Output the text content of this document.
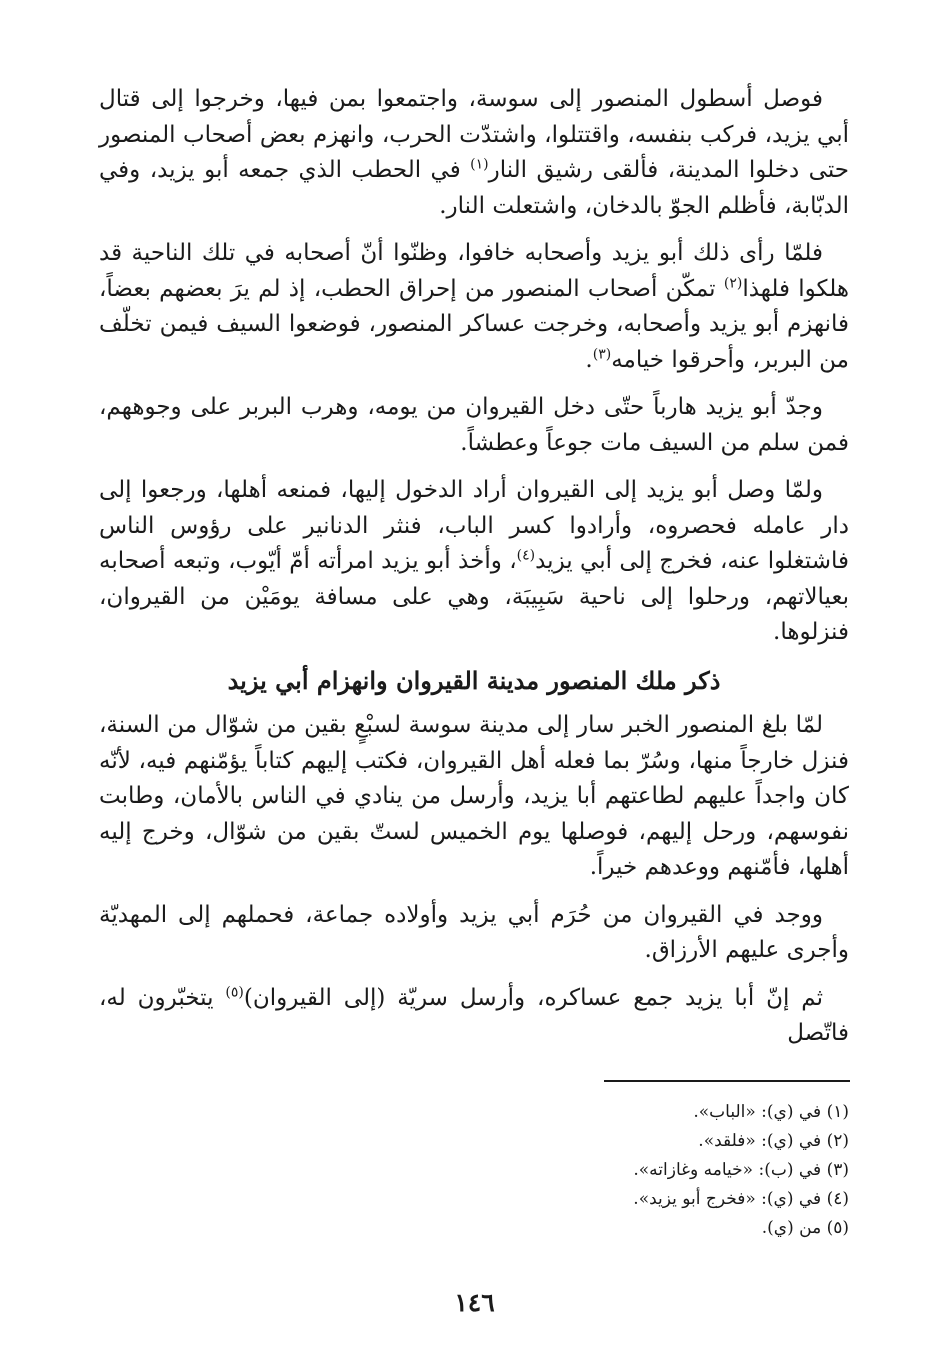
فوصل أسطول المنصور إلى سوسة، واجتمعوا بمن فيها، وخرجوا إلى قتال أبي يزيد، فركب بنفسه، واقتتلوا، واشتدّت الحرب، وانهزم بعض أصحاب المنصور حتى دخلوا المدينة، فألقى رشيق النار$^{(١)}$ في الحطب الذي جمعه أبو يزيد، وفي الدبّابة، فأظلم الجوّ بالدخان، واشتعلت النار.

فلمّا رأى ذلك أبو يزيد وأصحابه خافوا، وظنّوا أنّ أصحابه في تلك الناحية قد هلكوا فلهذا$^{(٢)}$ تمكّن أصحاب المنصور من إحراق الحطب، إذ لم يرَ بعضهم بعضاً، فانهزم أبو يزيد وأصحابه، وخرجت عساكر المنصور، فوضعوا السيف فيمن تخلّف من البربر، وأحرقوا خيامه$^{(٣)}$.

وجدّ أبو يزيد هارباً حتّى دخل القيروان من يومه، وهرب البربر على وجوههم، فمن سلم من السيف مات جوعاً وعطشاً.

ولمّا وصل أبو يزيد إلى القيروان أراد الدخول إليها، فمنعه أهلها، ورجعوا إلى دار عامله فحصروه، وأرادوا كسر الباب، فنثر الدنانير على رؤوس الناس فاشتغلوا عنه، فخرج إلى أبي يزيد$^{(٤)}$، وأخذ أبو يزيد امرأته أمّ أيّوب، وتبعه أصحابه بعيالاتهم، ورحلوا إلى ناحية سَبِيبَة، وهي على مسافة يومَيْن من القيروان، فنزلوها.

ذكر ملك المنصور مدينة القيروان وانهزام أبي يزيد

لمّا بلغ المنصور الخبر سار إلى مدينة سوسة لسبْعٍ بقين من شوّال من السنة، فنزل خارجاً منها، وسُرّ بما فعله أهل القيروان، فكتب إليهم كتاباً يؤمّنهم فيه، لأنّه كان واجداً عليهم لطاعتهم أبا يزيد، وأرسل من ينادي في الناس بالأمان، وطابت نفوسهم، ورحل إليهم، فوصلها يوم الخميس لستّ بقين من شوّال، وخرج إليه أهلها، فأمّنهم ووعدهم خيراً.

ووجد في القيروان من حُرَم أبي يزيد وأولاده جماعة، فحملهم إلى المهديّة وأجرى عليهم الأرزاق.

ثم إنّ أبا يزيد جمع عساكره، وأرسل سريّة (إلى القيروان)$^{(٥)}$ يتخبّرون له، فاتّصل

(١) في (ي): «الباب».
(٢) في (ي): «فلقد».
(٣) في (ب): «خيامه وغازاته».
(٤) في (ي): «فخرج أبو يزيد».
(٥) من (ي).
١٤٦
